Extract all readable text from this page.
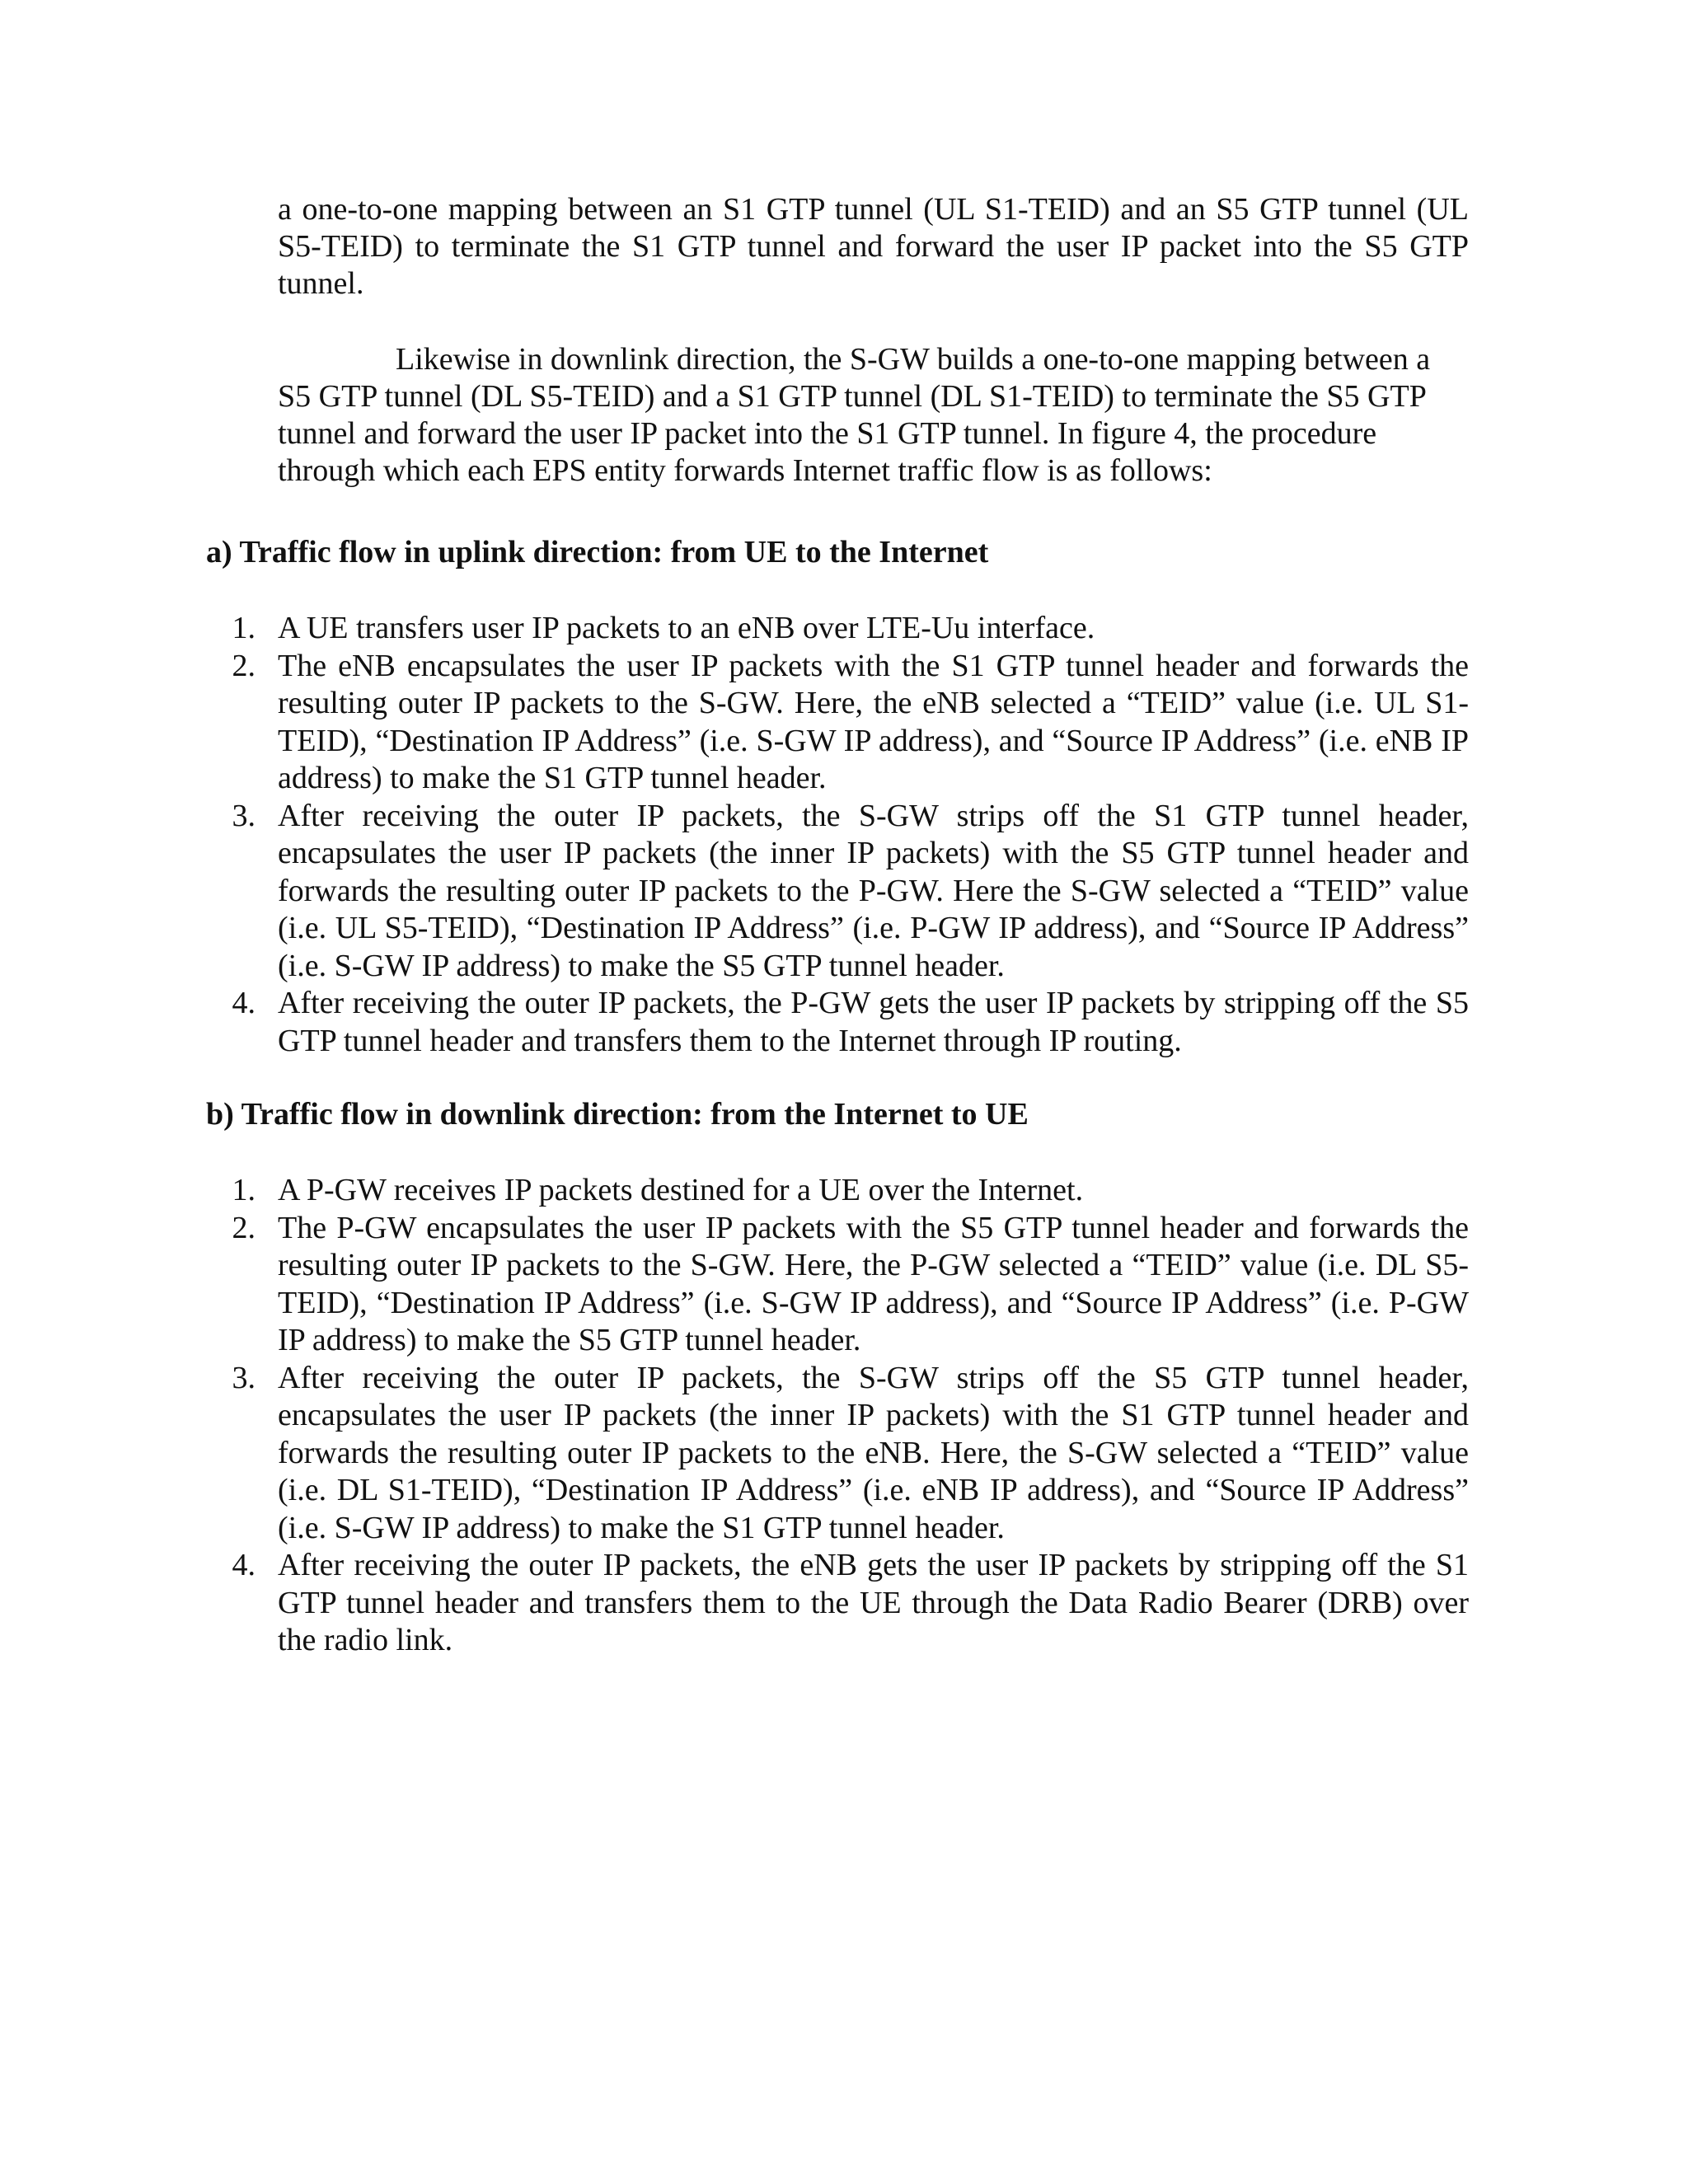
a one-to-one mapping between an S1 GTP tunnel (UL S1-TEID) and an S5 GTP tunnel (UL S5-TEID) to terminate the S1 GTP tunnel and forward the user IP packet into the S5 GTP tunnel.

Likewise in downlink direction, the S-GW builds a one-to-one mapping between a S5 GTP tunnel (DL S5-TEID) and a S1 GTP tunnel (DL S1-TEID) to terminate the S5 GTP tunnel and forward the user IP packet into the S1 GTP tunnel. In figure 4, the procedure through which each EPS entity forwards Internet traffic flow is as follows:

a) Traffic flow in uplink direction: from UE to the Internet
1. A UE transfers user IP packets to an eNB over LTE-Uu interface.
2. The eNB encapsulates the user IP packets with the S1 GTP tunnel header and forwards the resulting outer IP packets to the S-GW. Here, the eNB selected a “TEID” value (i.e. UL S1-TEID), “Destination IP Address” (i.e. S-GW IP address), and “Source IP Address” (i.e. eNB IP address) to make the S1 GTP tunnel header.
3. After receiving the outer IP packets, the S-GW strips off the S1 GTP tunnel header, encapsulates the user IP packets (the inner IP packets) with the S5 GTP tunnel header and forwards the resulting outer IP packets to the P-GW. Here the S-GW selected a “TEID” value (i.e. UL S5-TEID), “Destination IP Address” (i.e. P-GW IP address), and “Source IP Address” (i.e. S-GW IP address) to make the S5 GTP tunnel header.
4. After receiving the outer IP packets, the P-GW gets the user IP packets by stripping off the S5 GTP tunnel header and transfers them to the Internet through IP routing.
b) Traffic flow in downlink direction: from the Internet to UE
1. A P-GW receives IP packets destined for a UE over the Internet.
2. The P-GW encapsulates the user IP packets with the S5 GTP tunnel header and forwards the resulting outer IP packets to the S-GW. Here, the P-GW selected a “TEID” value (i.e. DL S5-TEID), “Destination IP Address” (i.e. S-GW IP address), and “Source IP Address” (i.e. P-GW IP address) to make the S5 GTP tunnel header.
3. After receiving the outer IP packets, the S-GW strips off the S5 GTP tunnel header, encapsulates the user IP packets (the inner IP packets) with the S1 GTP tunnel header and forwards the resulting outer IP packets to the eNB. Here, the S-GW selected a “TEID” value (i.e. DL S1-TEID), “Destination IP Address” (i.e. eNB IP address), and “Source IP Address” (i.e. S-GW IP address) to make the S1 GTP tunnel header.
4. After receiving the outer IP packets, the eNB gets the user IP packets by stripping off the S1 GTP tunnel header and transfers them to the UE through the Data Radio Bearer (DRB) over the radio link.
